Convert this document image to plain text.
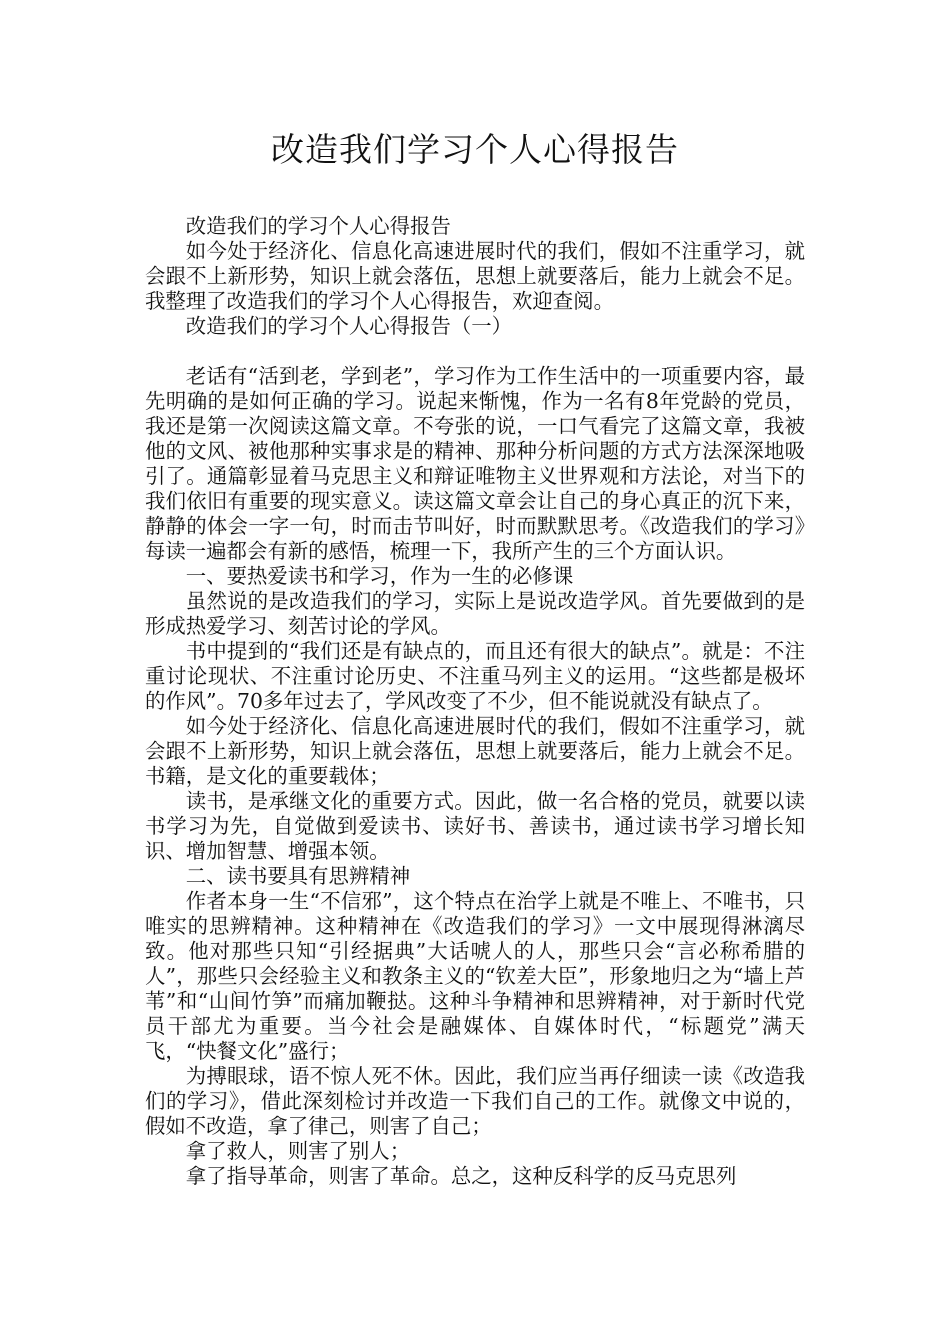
改造我们学习个人心得报告

改造我们的学习个人心得报告

如今处于经济化、信息化高速进展时代的我们，假如不注重学习，就会跟不上新形势，知识上就会落伍，思想上就要落后，能力上就会不足。我整理了改造我们的学习个人心得报告，欢迎查阅。

改造我们的学习个人心得报告（一）

老话有“活到老，学到老”，学习作为工作生活中的一项重要内容，最先明确的是如何正确的学习。说起来惭愧，作为一名有8年党龄的党员，我还是第一次阅读这篇文章。不夸张的说，一口气看完了这篇文章，我被他的文风、被他那种实事求是的精神、那种分析问题的方式方法深深地吸引了。通篇彰显着马克思主义和辩证唯物主义世界观和方法论，对当下的我们依旧有重要的现实意义。读这篇文章会让自己的身心真正的沉下来，静静的体会一字一句，时而击节叫好，时而默默思考。《改造我们的学习》每读一遍都会有新的感悟，梳理一下，我所产生的三个方面认识。

一、要热爱读书和学习，作为一生的必修课

虽然说的是改造我们的学习，实际上是说改造学风。首先要做到的是形成热爱学习、刻苦讨论的学风。

书中提到的“我们还是有缺点的，而且还有很大的缺点”。就是：不注重讨论现状、不注重讨论历史、不注重马列主义的运用。“这些都是极坏的作风”。70多年过去了，学风改变了不少，但不能说就没有缺点了。

如今处于经济化、信息化高速进展时代的我们，假如不注重学习，就会跟不上新形势，知识上就会落伍，思想上就要落后，能力上就会不足。书籍，是文化的重要载体；

读书，是承继文化的重要方式。因此，做一名合格的党员，就要以读书学习为先，自觉做到爱读书、读好书、善读书，通过读书学习增长知识、增加智慧、增强本领。

二、读书要具有思辨精神

作者本身一生“不信邪”，这个特点在治学上就是不唯上、不唯书，只唯实的思辨精神。这种精神在《改造我们的学习》一文中展现得淋漓尽致。他对那些只知“引经据典”大话唬人的人，那些只会“言必称希腊的人”，那些只会经验主义和教条主义的“钦差大臣”，形象地归之为“墙上芦苇”和“山间竹笋”而痛加鞭挞。这种斗争精神和思辨精神，对于新时代党员干部尤为重要。当今社会是融媒体、自媒体时代，“标题党”满天飞，“快餐文化”盛行；

为搏眼球，语不惊人死不休。因此，我们应当再仔细读一读《改造我们的学习》，借此深刻检讨并改造一下我们自己的工作。就像文中说的，假如不改造，拿了律己，则害了自己；

拿了救人，则害了别人；

拿了指导革命，则害了革命。总之，这种反科学的反马克思列
